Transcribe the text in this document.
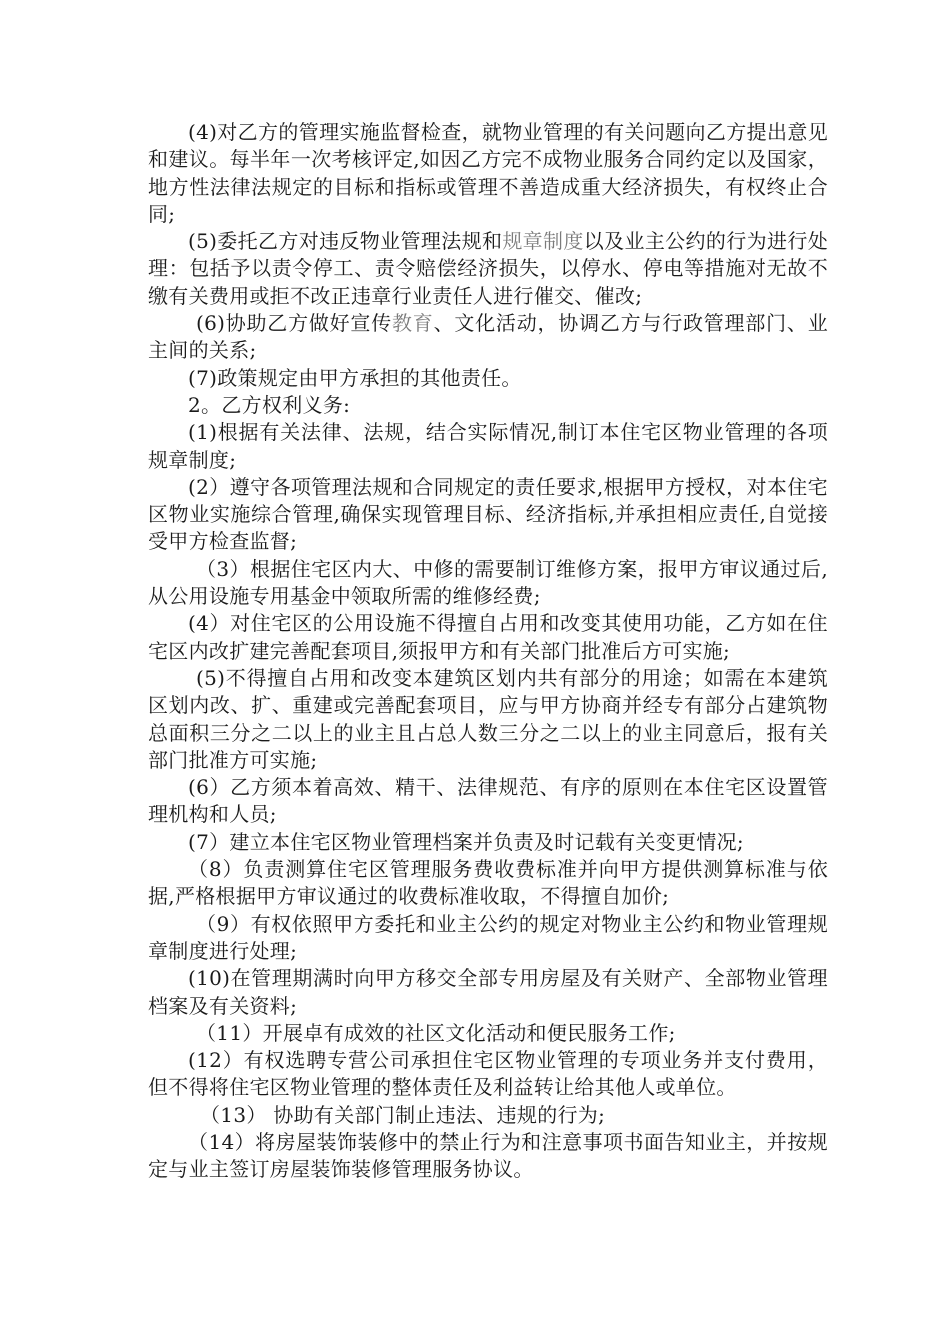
(4)对乙方的管理实施监督检查，就物业管理的有关问题向乙方提出意见和建议。每半年一次考核评定,如因乙方完不成物业服务合同约定以及国家，地方性法律法规定的目标和指标或管理不善造成重大经济损失，有权终止合同;

(5)委托乙方对违反物业管理法规和规章制度以及业主公约的行为进行处理：包括予以责令停工、责令赔偿经济损失，以停水、停电等措施对无故不缴有关费用或拒不改正违章行业责任人进行催交、催改;

(6)协助乙方做好宣传教育、文化活动，协调乙方与行政管理部门、业主间的关系;

(7)政策规定由甲方承担的其他责任。

2。乙方权利义务:

(1)根据有关法律、法规，结合实际情况,制订本住宅区物业管理的各项规章制度;

(2）遵守各项管理法规和合同规定的责任要求,根据甲方授权，对本住宅区物业实施综合管理,确保实现管理目标、经济指标,并承担相应责任,自觉接受甲方检查监督;

（3）根据住宅区内大、中修的需要制订维修方案，报甲方审议通过后,从公用设施专用基金中领取所需的维修经费;

(4）对住宅区的公用设施不得擅自占用和改变其使用功能，乙方如在住宅区内改扩建完善配套项目,须报甲方和有关部门批准后方可实施;

(5)不得擅自占用和改变本建筑区划内共有部分的用途；如需在本建筑区划内改、扩、重建或完善配套项目，应与甲方协商并经专有部分占建筑物总面积三分之二以上的业主且占总人数三分之二以上的业主同意后，报有关部门批准方可实施;

(6）乙方须本着高效、精干、法律规范、有序的原则在本住宅区设置管理机构和人员;

(7）建立本住宅区物业管理档案并负责及时记载有关变更情况;

（8）负责测算住宅区管理服务费收费标准并向甲方提供测算标准与依据,严格根据甲方审议通过的收费标准收取，不得擅自加价;

（9）有权依照甲方委托和业主公约的规定对物业主公约和物业管理规章制度进行处理;

(10)在管理期满时向甲方移交全部专用房屋及有关财产、全部物业管理档案及有关资料;

（11）开展卓有成效的社区文化活动和便民服务工作;

(12）有权选聘专营公司承担住宅区物业管理的专项业务并支付费用，但不得将住宅区物业管理的整体责任及利益转让给其他人或单位。

（13） 协助有关部门制止违法、违规的行为;

（14）将房屋装饰装修中的禁止行为和注意事项书面告知业主，并按规定与业主签订房屋装饰装修管理服务协议。
